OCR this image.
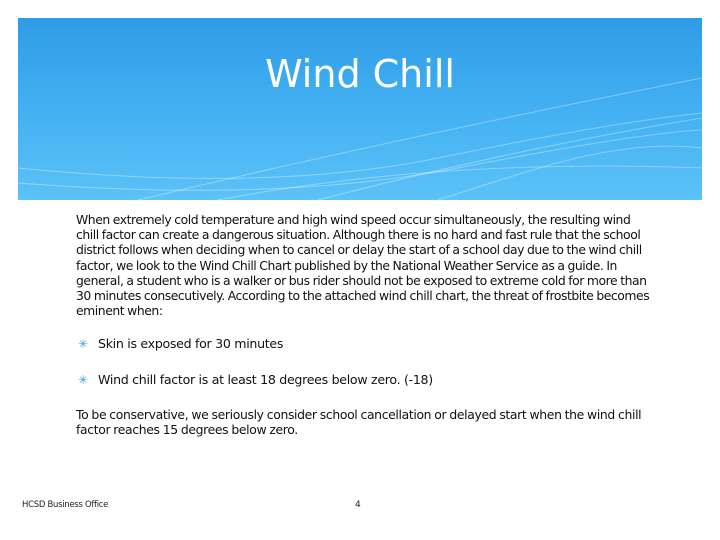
Wind Chill

When extremely cold temperature and high wind speed occur simultaneously, the resulting wind chill factor can create a dangerous situation. Although there is no hard and fast rule that the school district follows when deciding when to cancel or delay the start of a school day due to the wind chill factor, we look to the Wind Chill Chart published by the National Weather Service as a guide. In general, a student who is a walker or bus rider should not be exposed to extreme cold for more than 30 minutes consecutively. According to the attached wind chill chart, the threat of frostbite becomes eminent when:

✳ Skin is exposed for 30 minutes
✳ Wind chill factor is at least 18 degrees below zero. (-18)

To be conservative, we seriously consider school cancellation or delayed start when the wind chill factor reaches 15 degrees below zero.

HCSD Business Office	4
